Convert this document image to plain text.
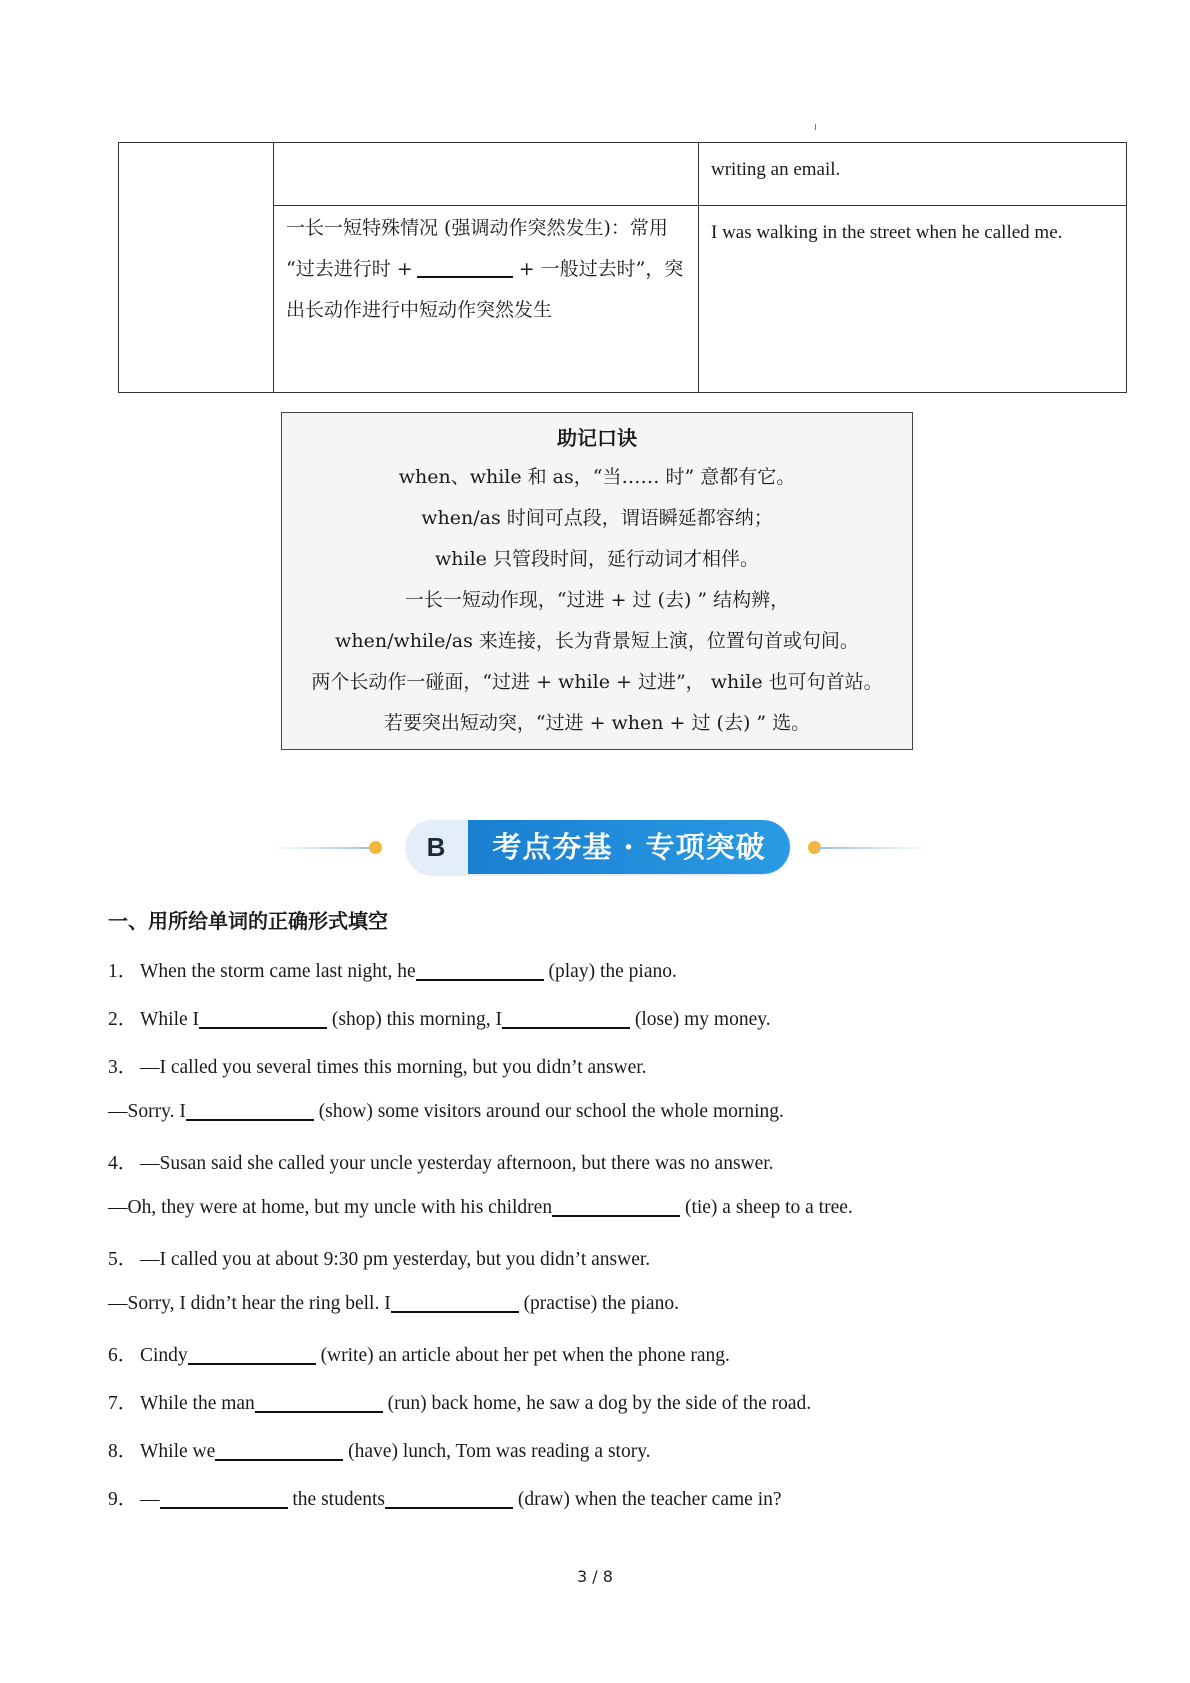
		writing an email.
	一长一短特殊情况 (强调动作突然发生)：常用 “过去进行时 + + 一般过去时”，突出长动作进行中短动作突然发生	I was walking in the street when he called me.
助记口诀
when、while 和 as，“当…… 时” 意都有它。
when/as 时间可点段，谓语瞬延都容纳；
while 只管段时间，延行动词才相伴。
一长一短动作现，“过进 + 过 (去) ” 结构辨，
when/while/as 来连接，长为背景短上演，位置句首或句间。
两个长动作一碰面，“过进 + while + 过进”， while 也可句首站。
若要突出短动突，“过进 + when + 过 (去) ” 选。
B	考点夯基 · 专项突破
一、用所给单词的正确形式填空
1． When the storm came last night, he	(play) the piano.
2． While I	(shop) this morning, I	(lose) my money.
3． —I called you several times this morning, but you didn’t answer.
—Sorry. I	(show) some visitors around our school the whole morning.
4． —Susan said she called your uncle yesterday afternoon, but there was no answer.
—Oh, they were at home, but my uncle with his children	(tie) a sheep to a tree.
5． —I called you at about 9:30 pm yesterday, but you didn’t answer.
—Sorry, I didn’t hear the ring bell. I	(practise) the piano.
6． Cindy	(write) an article about her pet when the phone rang.
7． While the man	(run) back home, he saw a dog by the side of the road.
8． While we	(have) lunch, Tom was reading a story.
9． —	the students	(draw) when the teacher came in?
3 / 8
